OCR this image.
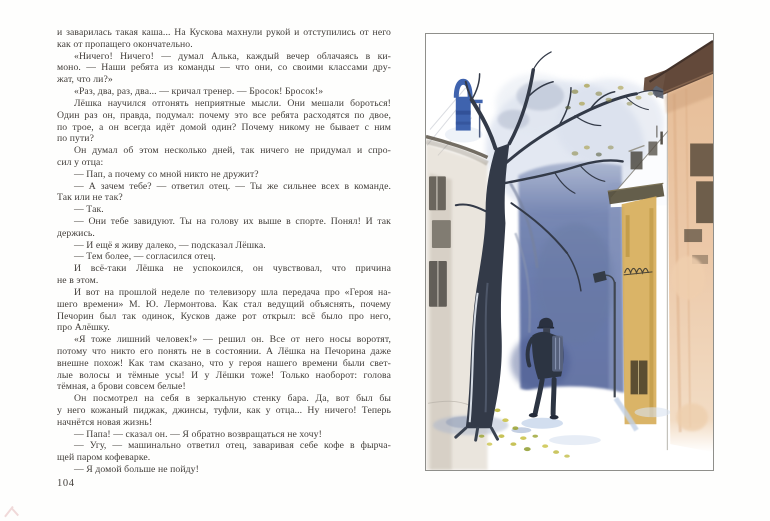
и заварилась такая каша... На Кускова махнули рукой и отступились от него
как от пропащего окончательно.
«Ничего! Ничего! — думал Алька, каждый вечер облачаясь в ки-
моно. — Наши ребята из команды — что они, со своими классами дру-
жат, что ли?»
«Раз, два, раз, два... — кричал тренер. — Бросок! Бросок!»
Лёшка научился отгонять неприятные мысли. Они мешали бороться!
Один раз он, правда, подумал: почему это все ребята расходятся по двое,
по трое, а он всегда идёт домой один? Почему никому не бывает с ним
по пути?
Он думал об этом несколько дней, так ничего не придумал и спро-
сил у отца:
— Пап, а почему со мной никто не дружит?
— А зачем тебе? — ответил отец. — Ты же сильнее всех в команде.
Так или не так?
— Так.
— Они тебе завидуют. Ты на голову их выше в спорте. Понял! И так
держись.
— И ещё я живу далеко, — подсказал Лёшка.
— Тем более, — согласился отец.
И всё-таки Лёшка не успокоился, он чувствовал, что причина
не в этом.
И вот на прошлой неделе по телевизору шла передача про «Героя на-
шего времени» М. Ю. Лермонтова. Как стал ведущий объяснять, почему
Печорин был так одинок, Кусков даже рот открыл: всё было про него,
про Алёшку.
«Я тоже лишний человек!» — решил он. Все от него носы воротят,
потому что никто его понять не в состоянии. А Лёшка на Печорина даже
внешне похож! Как там сказано, что у героя нашего времени были свет-
лые волосы и тёмные усы! И у Лёшки тоже! Только наоборот: голова
тёмная, а брови совсем белые!
Он посмотрел на себя в зеркальную стенку бара. Да, вот был бы
у него кожаный пиджак, джинсы, туфли, как у отца... Ну ничего! Теперь
начнётся новая жизнь!
— Папа! — сказал он. — Я обратно возвращаться не хочу!
— Угу, — машинально ответил отец, заваривая себе кофе в фырча-
щей паром кофеварке.
— Я домой больше не пойду!
104
